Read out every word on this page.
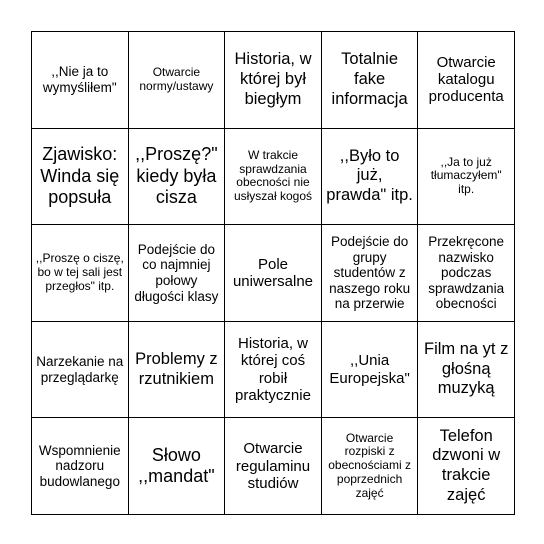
,,Nie ja to wymyśliłem"
Otwarcie normy/ustawy
Historia, w której był biegłym
Totalnie fake informacja
Otwarcie katalogu producenta
Zjawisko: Winda się popsuła
,,Proszę?" kiedy była cisza
W trakcie sprawdzania obecności nie usłyszał kogoś
,,Było to już, prawda" itp.
,,Ja to już tłumaczyłem" itp.
,,Proszę o ciszę, bo w tej sali jest przegłos" itp.
Podejście do co najmniej połowy długości klasy
Pole uniwersalne
Podejście do grupy studentów z naszego roku na przerwie
Przekręcone nazwisko podczas sprawdzania obecności
Narzekanie na przeglądarkę
Problemy z rzutnikiem
Historia, w której coś robił praktycznie
,,Unia Europejska"
Film na yt z głośną muzyką
Wspomnienie nadzoru budowlanego
Słowo ,,mandat"
Otwarcie regulaminu studiów
Otwarcie rozpiski z obecnościami z poprzednich zajęć
Telefon dzwoni w trakcie zajęć
